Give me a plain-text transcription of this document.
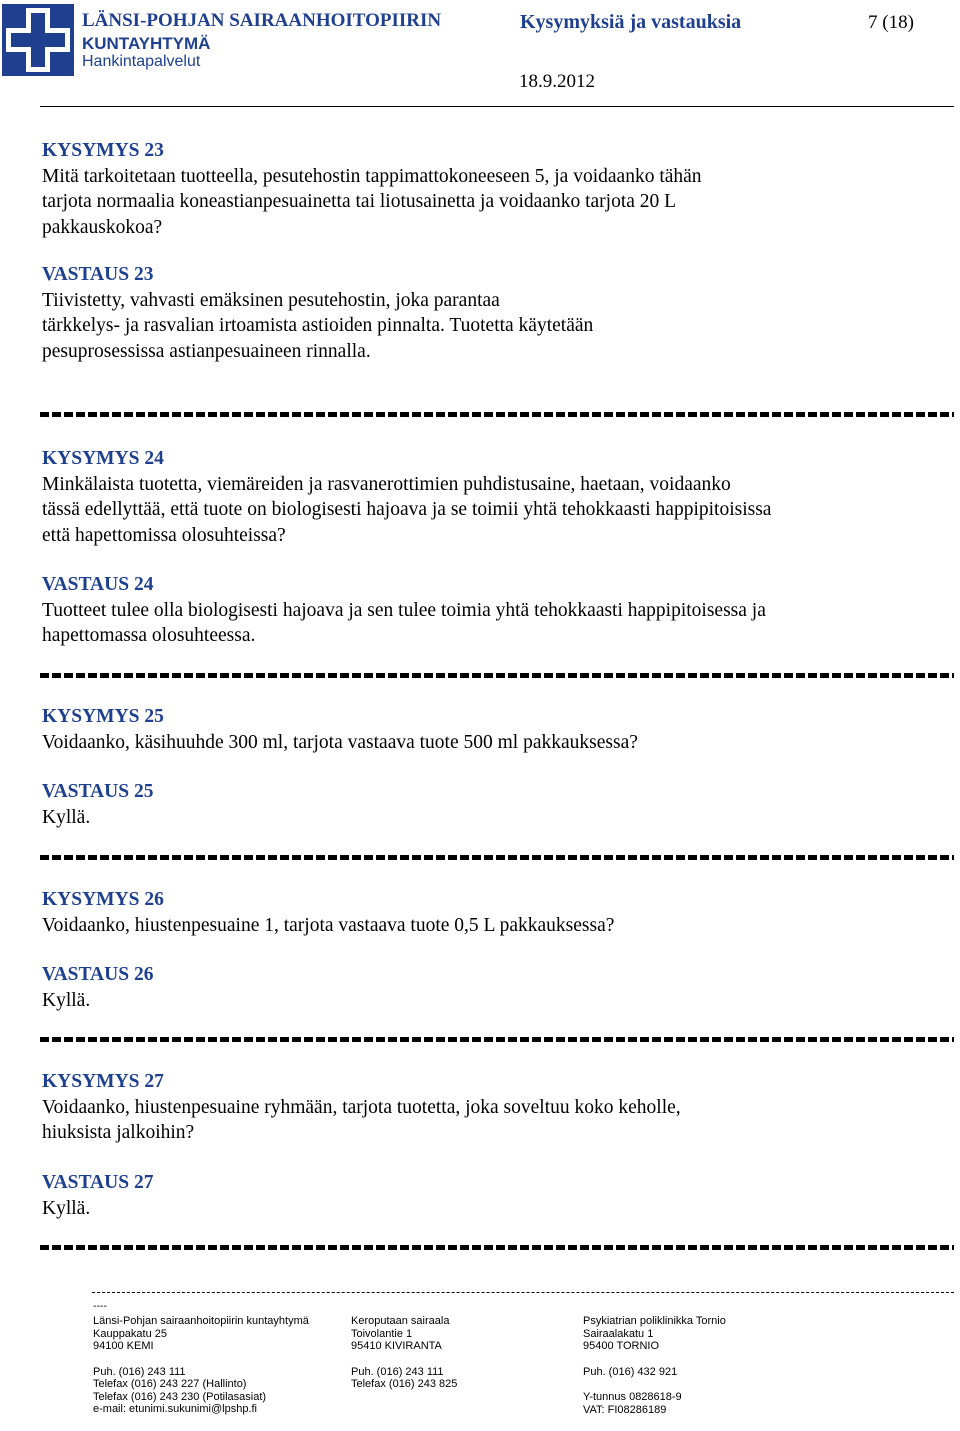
LÄNSI-POHJAN SAIRAANHOITOPIIRIN
KUNTAYHTYMÄ
Hankintapalvelut
Kysymyksiä ja vastauksia	7 (18)
18.9.2012
KYSYMYS 23
Mitä tarkoitetaan tuotteella, pesutehostin tappimattokoneeseen 5, ja voidaanko tähän
tarjota normaalia koneastianpesuainetta tai liotusainetta ja voidaanko tarjota 20 L
pakkauskokoa?
VASTAUS 23
Tiivistetty, vahvasti emäksinen pesutehostin, joka parantaa
tärkkelys- ja rasvalian irtoamista astioiden pinnalta. Tuotetta käytetään
pesuprosessissa astianpesuaineen rinnalla.
KYSYMYS 24
Minkälaista tuotetta, viemäreiden ja rasvanerottimien puhdistusaine, haetaan, voidaanko
tässä edellyttää, että tuote on biologisesti hajoava ja se toimii yhtä tehokkaasti happipitoisissa
että hapettomissa olosuhteissa?
VASTAUS 24
Tuotteet tulee olla biologisesti hajoava ja sen tulee toimia yhtä tehokkaasti happipitoisessa ja
hapettomassa olosuhteessa.
KYSYMYS 25
Voidaanko, käsihuuhde 300 ml, tarjota vastaava tuote 500 ml pakkauksessa?
VASTAUS 25
Kyllä.
KYSYMYS 26
Voidaanko, hiustenpesuaine 1, tarjota vastaava tuote 0,5 L pakkauksessa?
VASTAUS 26
Kyllä.
KYSYMYS 27
Voidaanko, hiustenpesuaine ryhmään, tarjota tuotetta, joka soveltuu koko keholle,
hiuksista jalkoihin?
VASTAUS 27
Kyllä.
----
Länsi-Pohjan sairaanhoitopiirin kuntayhtymä
Kauppakatu 25
94100 KEMI
Puh. (016) 243 111
Telefax (016) 243 227 (Hallinto)
Telefax (016) 243 230 (Potilasasiat)
e-mail: etunimi.sukunimi@lpshp.fi
Keroputaan sairaala
Toivolantie 1
95410 KIVIRANTA
Puh. (016) 243 111
Telefax (016) 243 825
Psykiatrian poliklinikka Tornio
Sairaalakatu 1
95400 TORNIO
Puh. (016) 432 921
Y-tunnus 0828618-9
VAT: FI08286189
